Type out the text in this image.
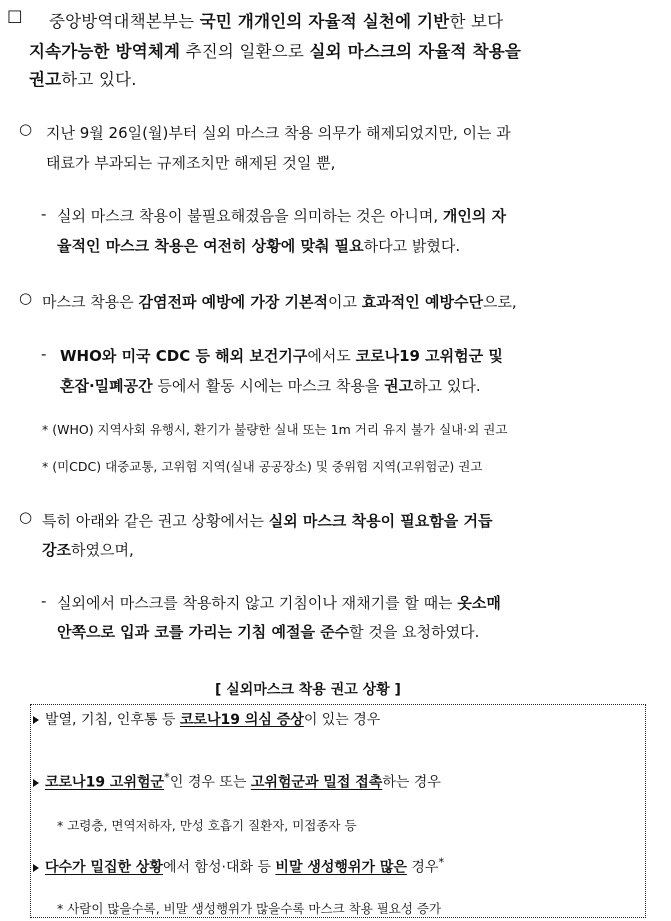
□ 중앙방역대책본부는 국민 개개인의 자율적 실천에 기반한 보다
지속가능한 방역체계 추진의 일환으로 실외 마스크의 자율적 착용을
권고하고 있다.
○ 지난 9월 26일(월)부터 실외 마스크 착용 의무가 해제되었지만, 이는 과
태료가 부과되는 규제조치만 해제된 것일 뿐,
- 실외 마스크 착용이 불필요해졌음을 의미하는 것은 아니며, 개인의 자
율적인 마스크 착용은 여전히 상황에 맞춰 필요하다고 밝혔다.
○ 마스크 착용은 감염전파 예방에 가장 기본적이고 효과적인 예방수단으로,
- WHO와 미국 CDC 등 해외 보건기구에서도 코로나19 고위험군 및
혼잡·밀폐공간 등에서 활동 시에는 마스크 착용을 권고하고 있다.
* (WHO) 지역사회 유행시, 환기가 불량한 실내 또는 1m 거리 유지 불가 실내·외 권고
* (미CDC) 대중교통, 고위험 지역(실내 공공장소) 및 중위험 지역(고위험군) 권고
○ 특히 아래와 같은 권고 상황에서는 실외 마스크 착용이 필요함을 거듭
강조하였으며,
- 실외에서 마스크를 착용하지 않고 기침이나 재채기를 할 때는 옷소매
안쪽으로 입과 코를 가리는 기침 예절을 준수할 것을 요청하였다.
[ 실외마스크 착용 권고 상황 ]
발열, 기침, 인후통 등 코로나19 의심 증상이 있는 경우
코로나19 고위험군*인 경우 또는 고위험군과 밀접 접촉하는 경우
* 고령층, 면역저하자, 만성 호흡기 질환자, 미접종자 등
다수가 밀집한 상황에서 함성·대화 등 비말 생성행위가 많은 경우*
* 사람이 많을수록, 비말 생성행위가 많을수록 마스크 착용 필요성 증가
